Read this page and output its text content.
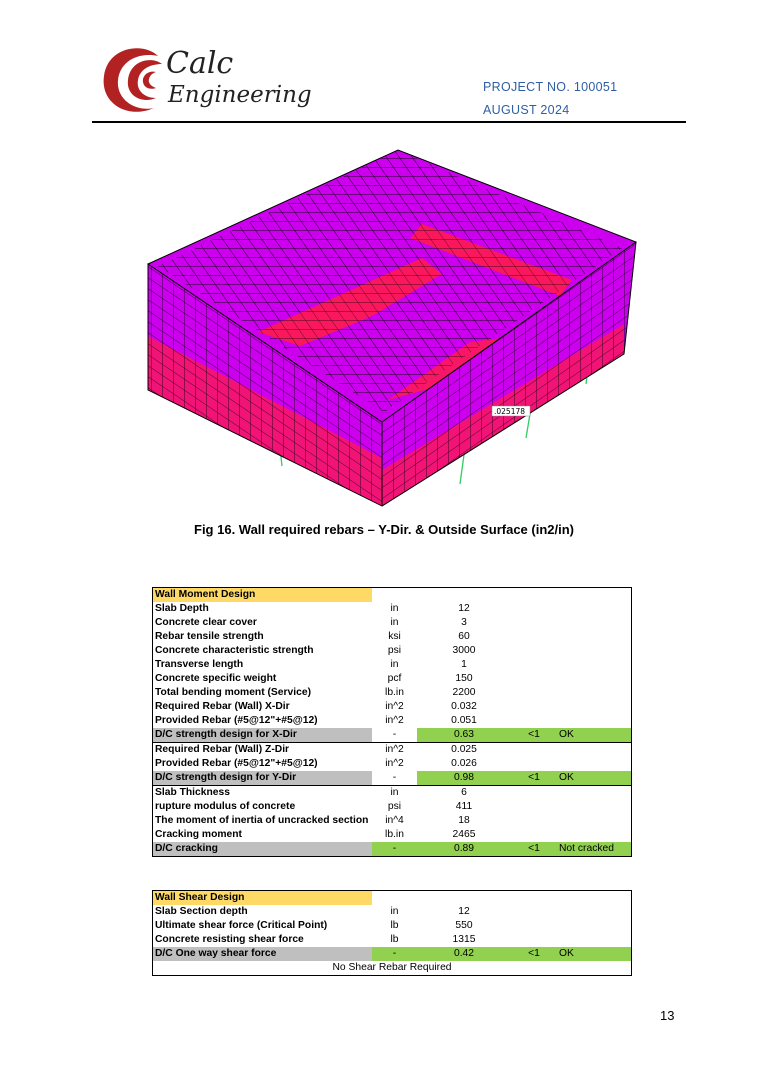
Calc
Engineering	PROJECT NO. 100051
AUGUST 2024
.025178
Fig 16. Wall required rebars – Y-Dir. & Outside Surface (in2/in)
Wall Moment Design				
Slab Depth	in	12		
Concrete clear cover	in	3		
Rebar tensile strength	ksi	60		
Concrete characteristic strength	psi	3000		
Transverse length	in	1		
Concrete specific weight	pcf	150		
Total bending moment (Service)	lb.in	2200		
Required Rebar (Wall) X-Dir	in^2	0.032		
Provided Rebar (#5@12"+#5@12)	in^2	0.051		
D/C strength design for X-Dir	-	0.63	<1	OK
Required Rebar (Wall) Z-Dir	in^2	0.025		
Provided Rebar (#5@12"+#5@12)	in^2	0.026		
D/C strength design for Y-Dir	-	0.98	<1	OK
Slab Thickness	in	6		
rupture modulus of concrete	psi	411		
The moment of inertia of uncracked section	in^4	18		
Cracking moment	lb.in	2465		
D/C cracking	-	0.89	<1	Not cracked
Wall Shear Design				
Slab Section depth	in	12		
Ultimate shear force (Critical Point)	lb	550		
Concrete resisting shear force	lb	1315		
D/C One way shear force	-	0.42	<1	OK
No Shear Rebar Required				
13
